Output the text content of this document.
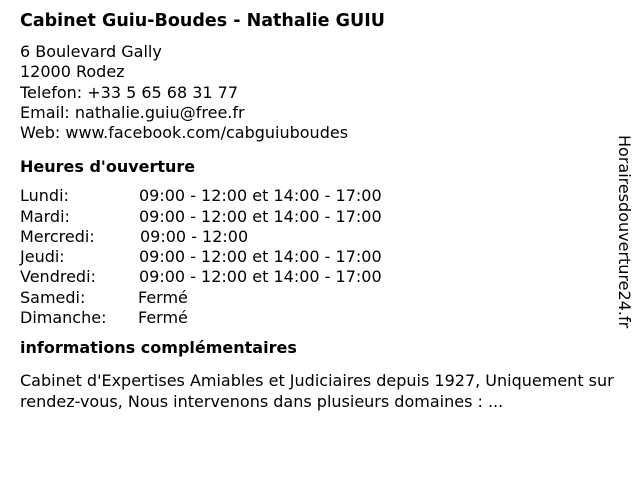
Cabinet Guiu-Boudes - Nathalie GUIU
6 Boulevard Gally
12000 Rodez
Telefon: +33 5 65 68 31 77
Email: nathalie.guiu@free.fr
Web: www.facebook.com/cabguiuboudes
Heures d'ouverture
Lundi:	09:00 - 12:00 et 14:00 - 17:00
Mardi:	09:00 - 12:00 et 14:00 - 17:00
Mercredi:	09:00 - 12:00
Jeudi:	09:00 - 12:00 et 14:00 - 17:00
Vendredi:	09:00 - 12:00 et 14:00 - 17:00
Samedi:	Fermé
Dimanche:	Fermé
informations complémentaires
Cabinet d'Expertises Amiables et Judiciaires depuis 1927, Uniquement sur rendez-vous, Nous intervenons dans plusieurs domaines : ...
Horairesdouverture24.fr
